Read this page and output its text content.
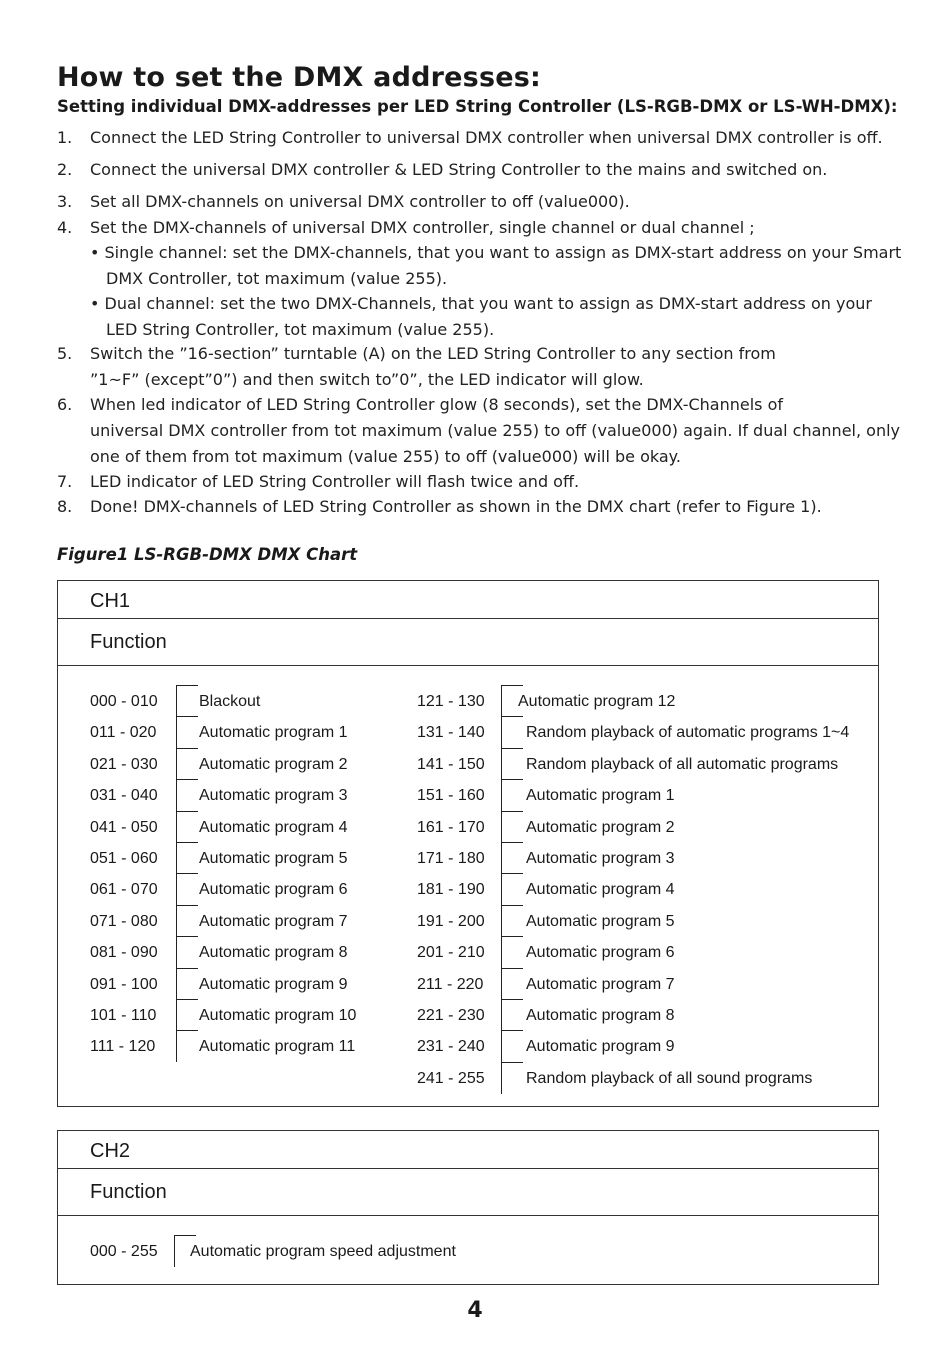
How to set the DMX addresses:
Setting individual DMX-addresses per LED String Controller (LS-RGB-DMX or LS-WH-DMX):
1. Connect the LED String Controller to universal DMX controller when universal DMX controller is off.
2. Connect the universal DMX controller & LED String Controller to the mains and switched on.
3. Set all DMX-channels on universal DMX controller to off (value000).
4. Set the DMX-channels of universal DMX controller, single channel or dual channel ;
5. Switch the ”16-section” turntable (A) on the LED String Controller to any section from
”1~F” (except”0”) and then switch to”0”, the LED indicator will glow.
6. When led indicator of LED String Controller glow (8 seconds), set the DMX-Channels of
universal DMX controller from tot maximum (value 255) to off (value000) again. If dual channel, only
one of them from tot maximum (value 255) to off (value000) will be okay.
7. LED indicator of LED String Controller will flash twice and off.
8. Done! DMX-channels of LED String Controller as shown in the DMX chart (refer to Figure 1).
• Single channel: set the DMX-channels, that you want to assign as DMX-start address on your Smart
DMX Controller, tot maximum (value 255).
• Dual channel: set the two DMX-Channels, that you want to assign as DMX-start address on your
LED String Controller, tot maximum (value 255).
Figure1 LS-RGB-DMX DMX Chart
CH1
Function
000 - 010	Blackout
011 - 020	Automatic program 1
021 - 030	Automatic program 2
031 - 040	Automatic program 3
041 - 050	Automatic program 4
051 - 060	Automatic program 5
061 - 070	Automatic program 6
071 - 080	Automatic program 7
081 - 090	Automatic program 8
091 - 100	Automatic program 9
101 - 110	Automatic program 10
111 - 120	Automatic program 11
121 - 130 Automatic program 12
131 - 140	Random playback of automatic programs 1~4
141 - 150	Random playback of all automatic programs
151 - 160	Automatic program 1
161 - 170	Automatic program 2
171 - 180	Automatic program 3
181 - 190	Automatic program 4
191 - 200	Automatic program 5
201 - 210	Automatic program 6
211 - 220	Automatic program 7
221 - 230	Automatic program 8
231 - 240	Automatic program 9
241 - 255	Random playback of all sound programs
CH2
Function
000 - 255 Automatic program speed adjustment
4
